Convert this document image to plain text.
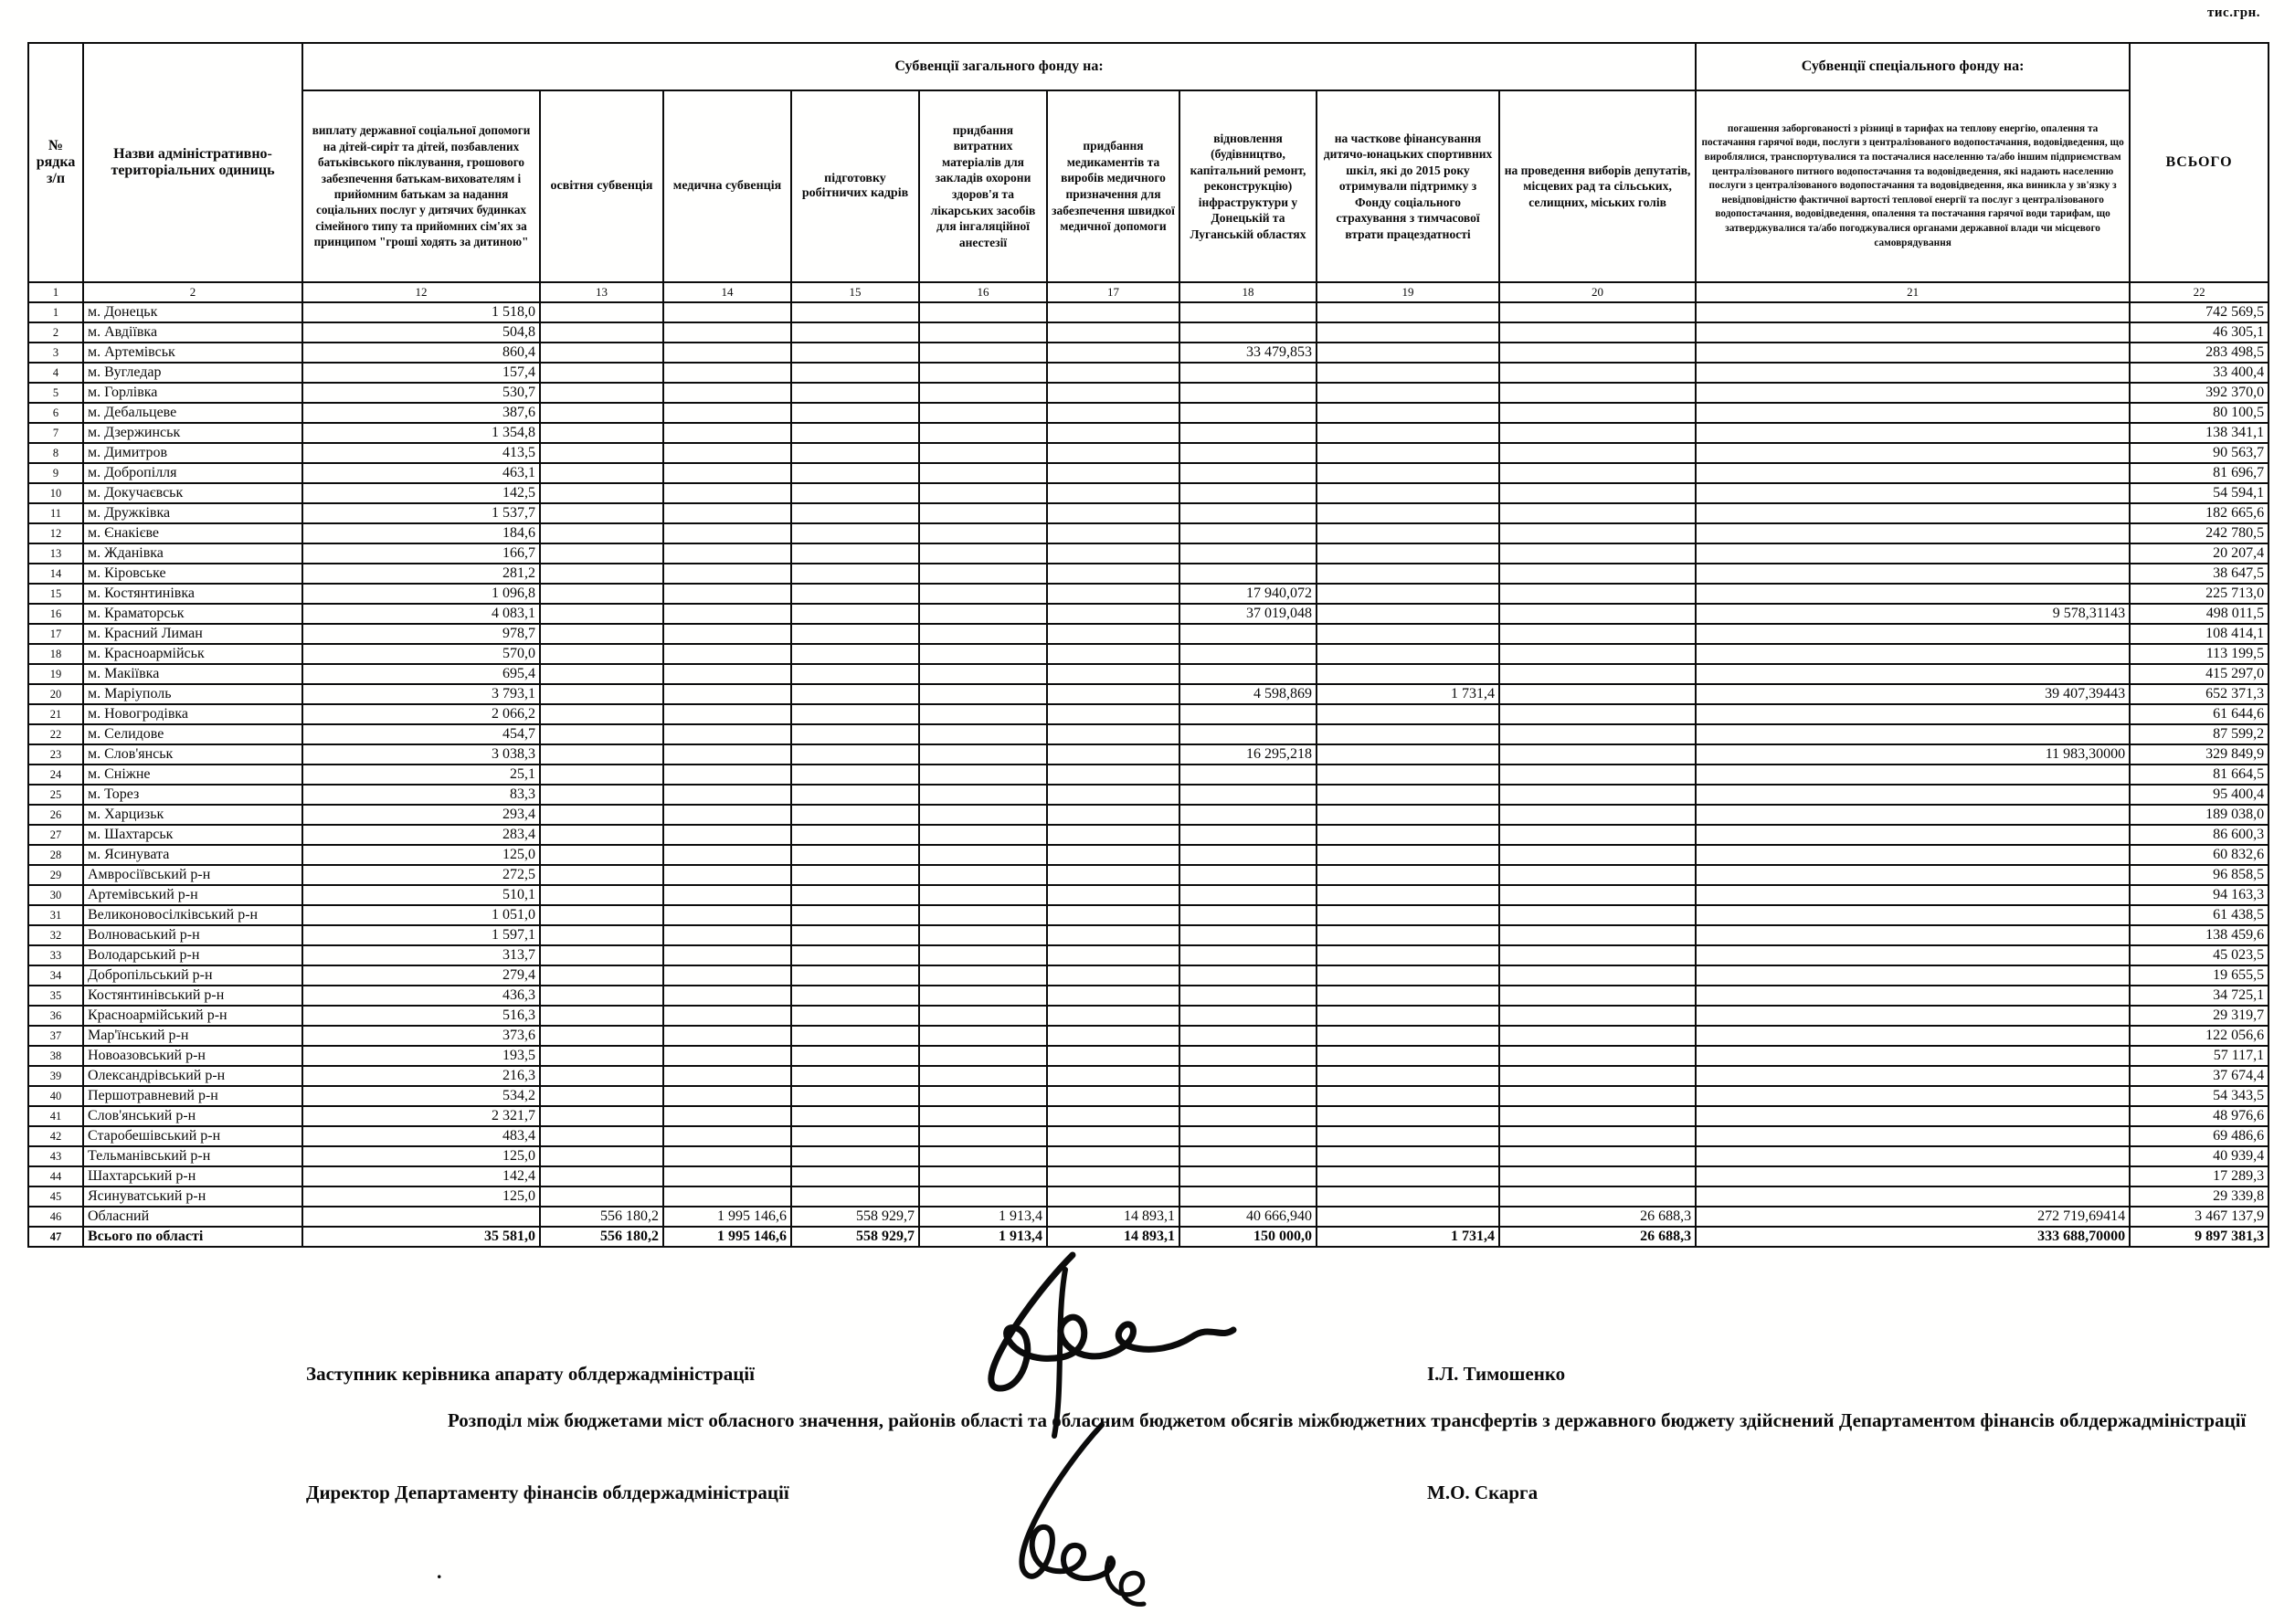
тис.грн.
№ рядка з/п	Назви адміністративно-територіальних одиниць	Субвенції загального фонду на:									Субвенції спеціального фонду на:	ВСЬОГО
виплату державної соціальної допомоги на дітей-сиріт та дітей, позбавлених батьківського піклування, грошового забезпечення батькам-вихователям і прийомним батькам за надання соціальних послуг у дитячих будинках сімейного типу та прийомних сім'ях за принципом "гроші ходять за дитиною"	освітня субвенція	медична субвенція	підготовку робітничих кадрів	придбання витратних матеріалів для закладів охорони здоров'я та лікарських засобів для інгаляційної анестезії	придбання медикаментів та виробів медичного призначення для забезпечення швидкої медичної допомоги	відновлення (будівництво, капітальний ремонт, реконструкцію) інфраструктури у Донецькій та Луганській областях	на часткове фінансування дитячо-юнацьких спортивних шкіл, які до 2015 року отримували підтримку з Фонду соціального страхування з тимчасової втрати працездатності	на проведення виборів депутатів, місцевих рад та сільських, селищних, міських голів	погашення заборгованості з різниці в тарифах на теплову енергію, опалення та постачання гарячої води, послуги з централізованого водопостачання, водовідведення, що вироблялися, транспортувалися та постачалися населенню та/або іншим підприємствам централізованого питного водопостачання та водовідведення, які надають населенню послуги з централізованого водопостачання та водовідведення, яка виникла у зв'язку з невідповідністю фактичної вартості теплової енергії та послуг з централізованого водопостачання, водовідведення, опалення та постачання гарячої води тарифам, що затверджувалися та/або погоджувалися органами державної влади чи місцевого самоврядування
1	2	12	13	14	15	16	17	18	19	20	21	22
1	м. Донецьк	1 518,0										742 569,5
2	м. Авдіївка	504,8										46 305,1
3	м. Артемівськ	860,4						33 479,853				283 498,5
4	м. Вугледар	157,4										33 400,4
5	м. Горлівка	530,7										392 370,0
6	м. Дебальцеве	387,6										80 100,5
7	м. Дзержинськ	1 354,8										138 341,1
8	м. Димитров	413,5										90 563,7
9	м. Добропілля	463,1										81 696,7
10	м. Докучаєвськ	142,5										54 594,1
11	м. Дружківка	1 537,7										182 665,6
12	м. Єнакієве	184,6										242 780,5
13	м. Жданівка	166,7										20 207,4
14	м. Кіровське	281,2										38 647,5
15	м. Костянтинівка	1 096,8						17 940,072				225 713,0
16	м. Краматорськ	4 083,1						37 019,048			9 578,31143	498 011,5
17	м. Красний Лиман	978,7										108 414,1
18	м. Красноармійськ	570,0										113 199,5
19	м. Макіївка	695,4										415 297,0
20	м. Маріуполь	3 793,1						4 598,869	1 731,4		39 407,39443	652 371,3
21	м. Новогродівка	2 066,2										61 644,6
22	м. Селидове	454,7										87 599,2
23	м. Слов'янськ	3 038,3						16 295,218			11 983,30000	329 849,9
24	м. Сніжне	25,1										81 664,5
25	м. Торез	83,3										95 400,4
26	м. Харцизьк	293,4										189 038,0
27	м. Шахтарськ	283,4										86 600,3
28	м. Ясинувата	125,0										60 832,6
29	Амвросіївський р-н	272,5										96 858,5
30	Артемівський р-н	510,1										94 163,3
31	Великоновосілківський р-н	1 051,0										61 438,5
32	Волноваський р-н	1 597,1										138 459,6
33	Володарський р-н	313,7										45 023,5
34	Добропільський р-н	279,4										19 655,5
35	Костянтинівський р-н	436,3										34 725,1
36	Красноармійський р-н	516,3										29 319,7
37	Мар'їнський р-н	373,6										122 056,6
38	Новоазовський р-н	193,5										57 117,1
39	Олександрівський р-н	216,3										37 674,4
40	Першотравневий р-н	534,2										54 343,5
41	Слов'янський р-н	2 321,7										48 976,6
42	Старобешівський р-н	483,4										69 486,6
43	Тельманівський р-н	125,0										40 939,4
44	Шахтарський р-н	142,4										17 289,3
45	Ясинуватський р-н	125,0										29 339,8
46	Обласний		556 180,2	1 995 146,6	558 929,7	1 913,4	14 893,1	40 666,940		26 688,3	272 719,69414	3 467 137,9
47	Всього по області	35 581,0	556 180,2	1 995 146,6	558 929,7	1 913,4	14 893,1	150 000,0	1 731,4	26 688,3	333 688,70000	9 897 381,3
Заступник керівника апарату облдержадміністрації	І.Л. Тимошенко
Розподіл між бюджетами міст обласного значення, районів області та обласним бюджетом обсягів міжбюджетних трансфертів з державного бюджету здійснений Департаментом фінансів облдержадміністрації
Директор Департаменту фінансів облдержадміністрації	М.О. Скарга
.
